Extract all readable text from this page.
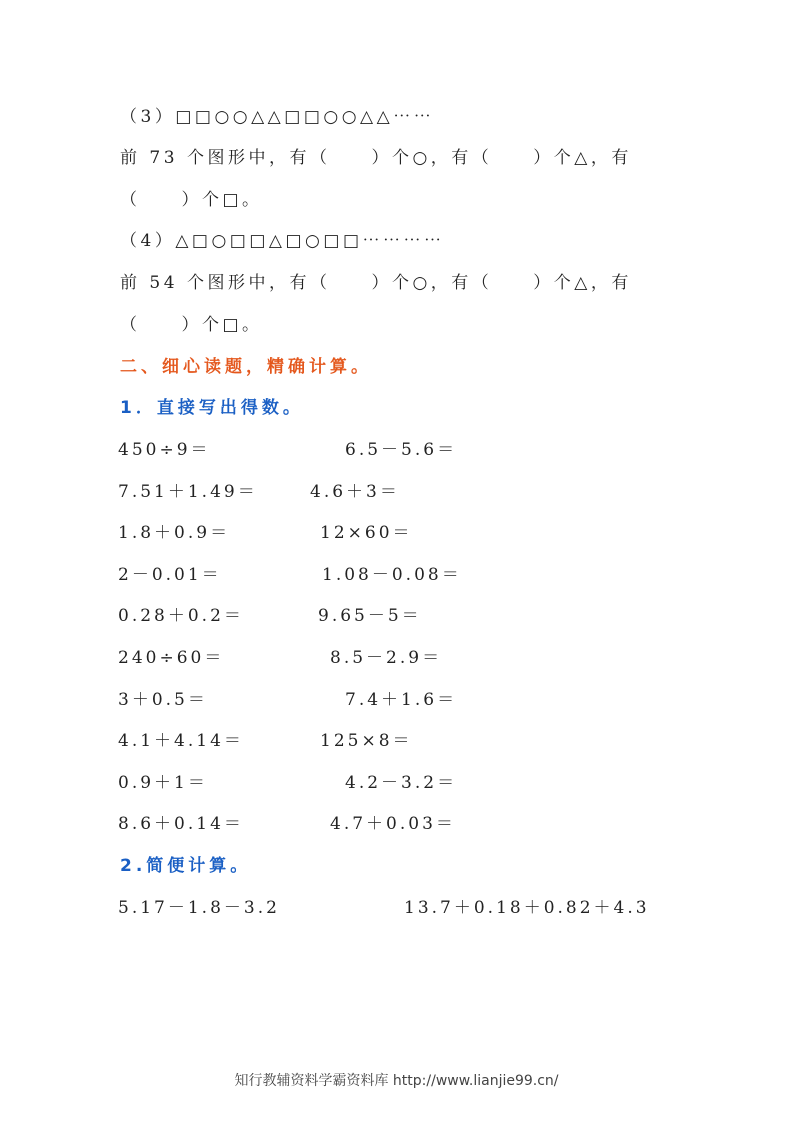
（3）□□○○△△□□○○△△⋯⋯
前 73 个图形中，有（　　）个○，有（　　）个△，有
（　　）个□。
（4）△□○□□△□○□□⋯⋯⋯⋯
前 54 个图形中，有（　　）个○，有（　　）个△，有
（　　）个□。
二、细心读题，精确计算。
1．直接写出得数。
450÷9＝	6.5－5.6＝
7.51＋1.49＝	4.6＋3＝
1.8＋0.9＝	12×60＝
2－0.01＝	1.08－0.08＝
0.28＋0.2＝	9.65－5＝
240÷60＝	8.5－2.9＝
3＋0.5＝	7.4＋1.6＝
4.1＋4.14＝	125×8＝
0.9＋1＝	4.2－3.2＝
8.6＋0.14＝	4.7＋0.03＝
2.简便计算。
5.17－1.8－3.2	13.7＋0.18＋0.82＋4.3
知行教辅资料学霸资料库 http://www.lianjie99.cn/
